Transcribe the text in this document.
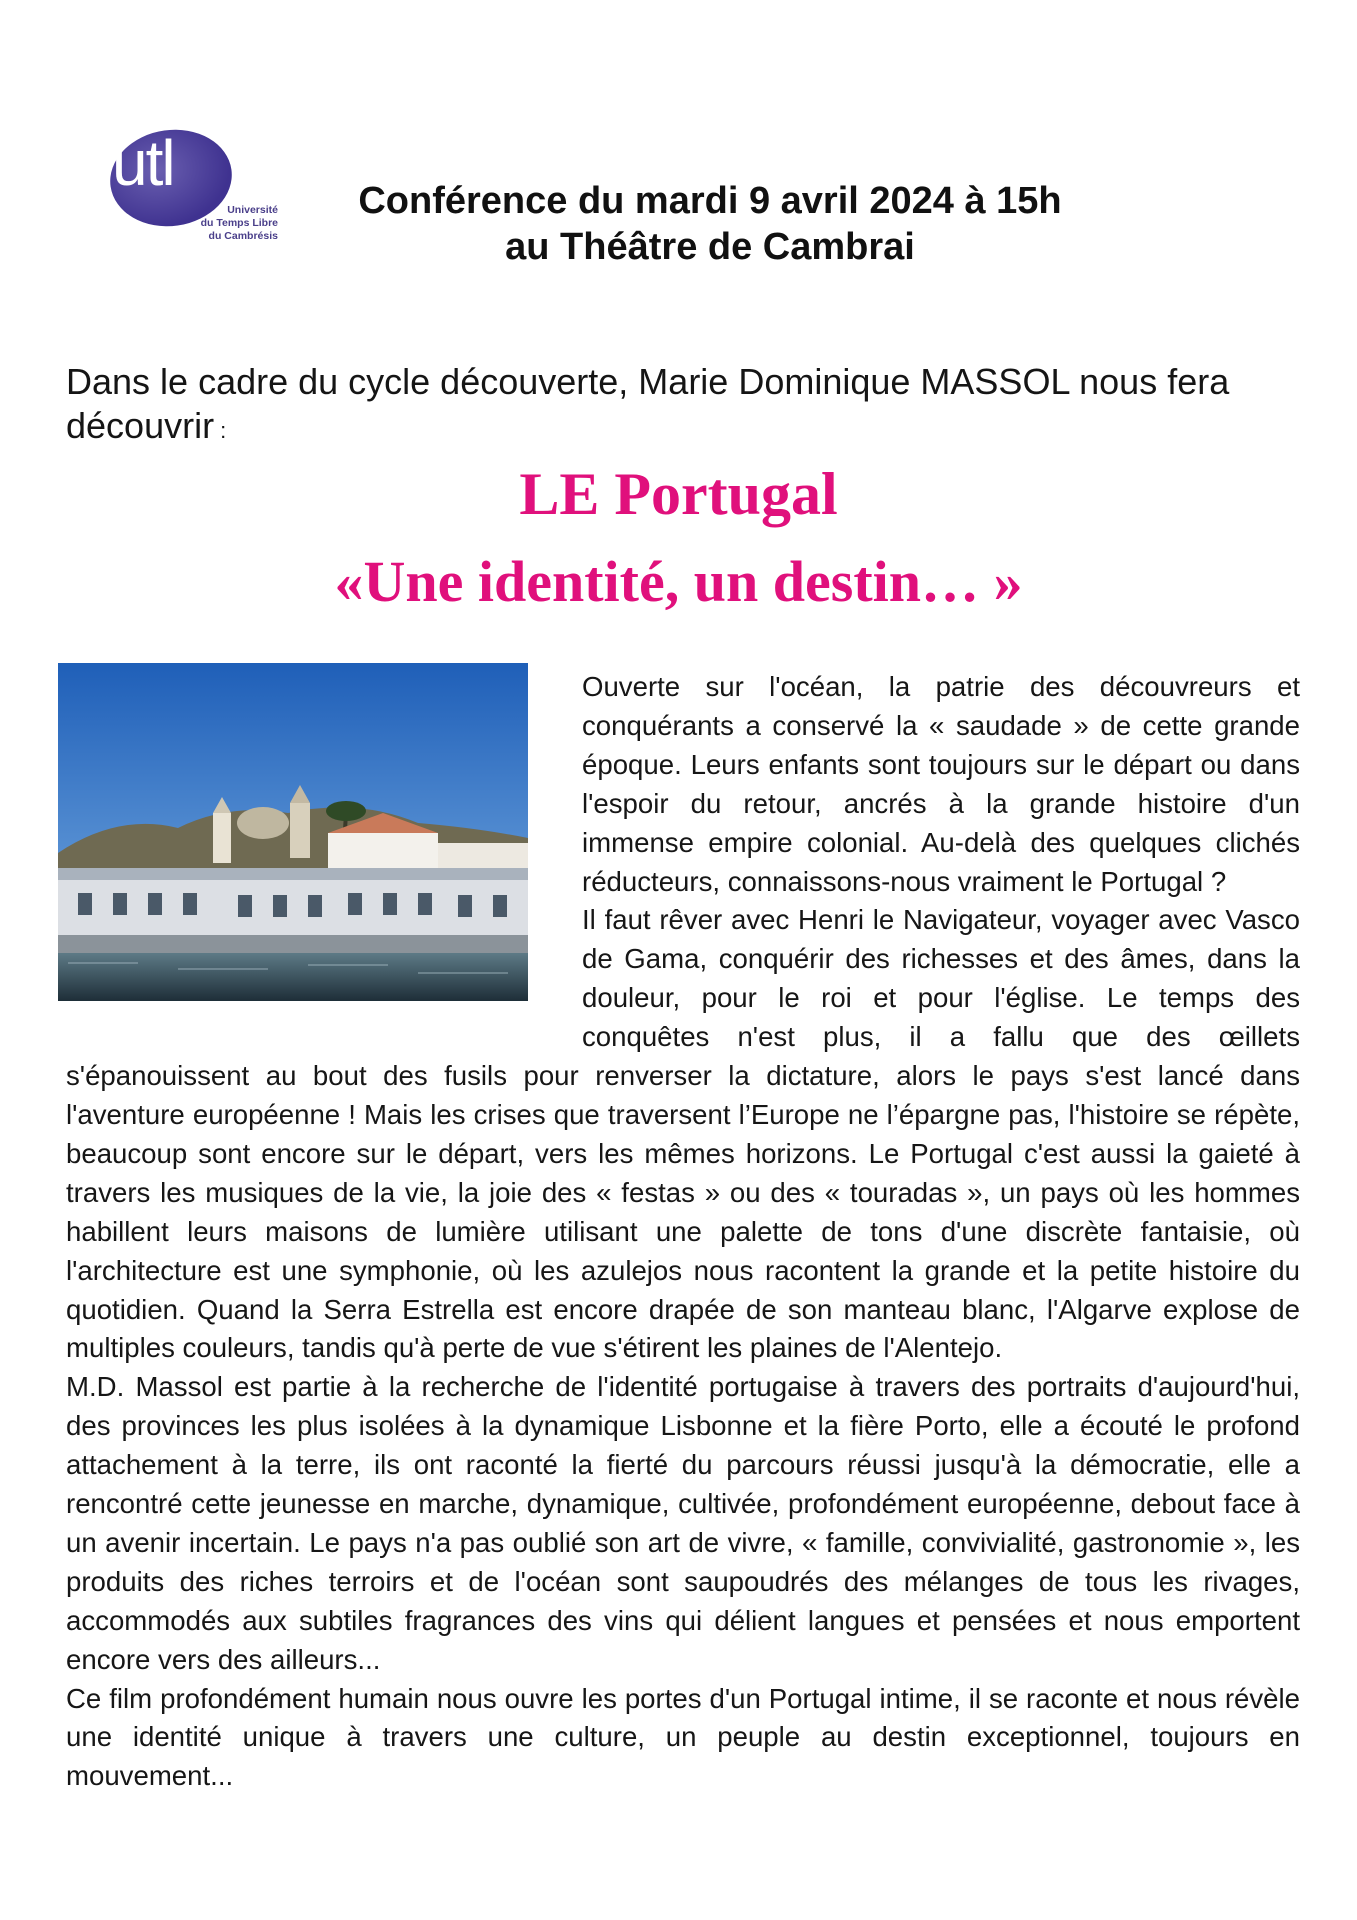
utl
Université
du Temps Libre
du Cambrésis
Conférence du mardi 9 avril 2024 à 15h
au Théâtre de Cambrai
Dans le cadre du cycle découverte, Marie Dominique MASSOL nous fera découvrir :
LE Portugal
«Une identité, un destin… »

Ouverte sur l'océan, la patrie des découvreurs et conquérants a conservé la « saudade » de cette grande époque. Leurs enfants sont toujours sur le départ ou dans l'espoir du retour, ancrés à la grande histoire d'un immense empire colonial. Au-delà des quelques clichés réducteurs, connaissons-nous vraiment le Portugal ?

Il faut rêver avec Henri le Navigateur, voyager avec Vasco de Gama, conquérir des richesses et des âmes, dans la douleur, pour le roi et pour l'église. Le temps des conquêtes n'est plus, il a fallu que des œillets s'épanouissent au bout des fusils pour renverser la dictature, alors le pays s'est lancé dans l'aventure européenne ! Mais les crises que traversent l’Europe ne l’épargne pas, l'histoire se répète, beaucoup sont encore sur le départ, vers les mêmes horizons. Le Portugal c'est aussi la gaieté à travers les musiques de la vie, la joie des « festas » ou des « touradas », un pays où les hommes habillent leurs maisons de lumière utilisant une palette de tons d'une discrète fantaisie, où l'architecture est une symphonie, où les azulejos nous racontent la grande et la petite histoire du quotidien. Quand la Serra Estrella est encore drapée de son manteau blanc, l'Algarve explose de multiples couleurs, tandis qu'à perte de vue s'étirent les plaines de l'Alentejo.

M.D. Massol est partie à la recherche de l'identité portugaise à travers des portraits d'aujourd'hui, des provinces les plus isolées à la dynamique Lisbonne et la fière Porto, elle a écouté le profond attachement à la terre, ils ont raconté la fierté du parcours réussi jusqu'à la démocratie, elle a rencontré cette jeunesse en marche, dynamique, cultivée, profondément européenne, debout face à un avenir incertain. Le pays n'a pas oublié son art de vivre, « famille, convivialité, gastronomie », les produits des riches terroirs et de l'océan sont saupoudrés des mélanges de tous les rivages, accommodés aux subtiles fragrances des vins qui délient langues et pensées et nous emportent encore vers des ailleurs...

Ce film profondément humain nous ouvre les portes d'un Portugal intime, il se raconte et nous révèle une identité unique à travers une culture, un peuple au destin exceptionnel, toujours en mouvement...
